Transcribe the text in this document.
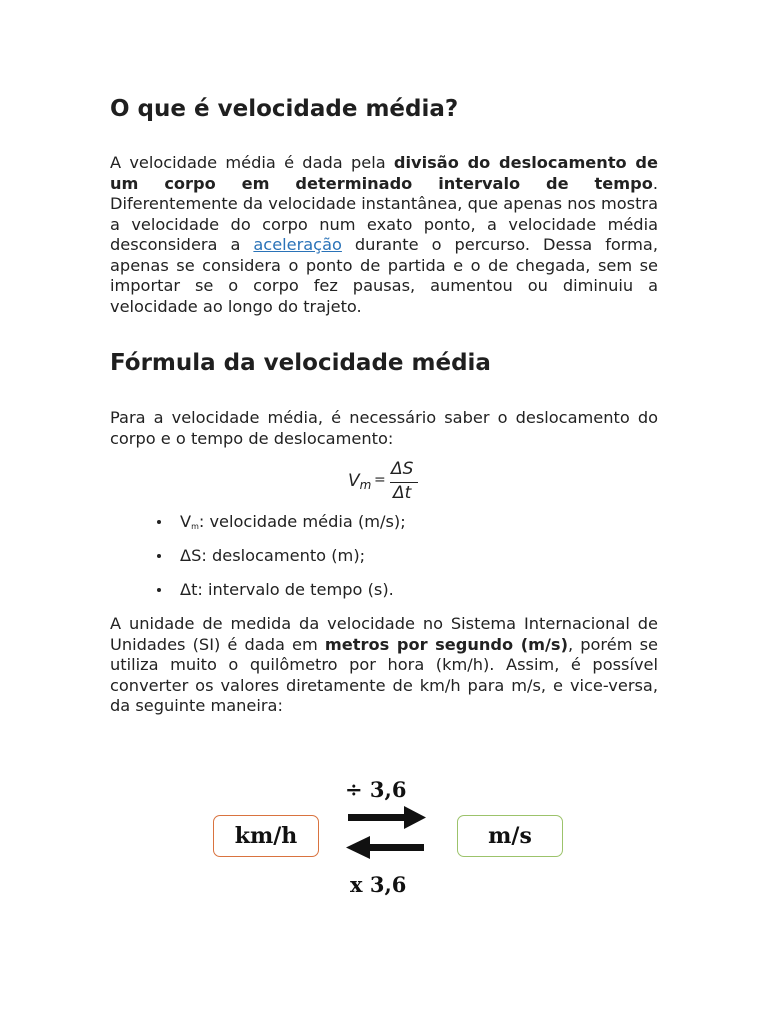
O que é velocidade média?

A velocidade média é dada pela divisão do deslocamento de um corpo em determinado intervalo de tempo. Diferentemente da velocidade instantânea, que apenas nos mostra a velocidade do corpo num exato ponto, a velocidade média desconsidera a aceleração durante o percurso. Dessa forma, apenas se considera o ponto de partida e o de chegada, sem se importar se o corpo fez pausas, aumentou ou diminuiu a velocidade ao longo do trajeto.

Fórmula da velocidade média

Para a velocidade média, é necessário saber o deslocamento do corpo e o tempo de deslocamento:

Vm =
ΔS
Δt
Vm: velocidade média (m/s);
ΔS: deslocamento (m);
Δt: intervalo de tempo (s).

A unidade de medida da velocidade no Sistema Internacional de Unidades (SI) é dada em metros por segundo (m/s), porém se utiliza muito o quilômetro por hora (km/h). Assim, é possível converter os valores diretamente de km/h para m/s, e vice-versa, da seguinte maneira:

÷ 3,6
km/h	m/s
x 3,6
